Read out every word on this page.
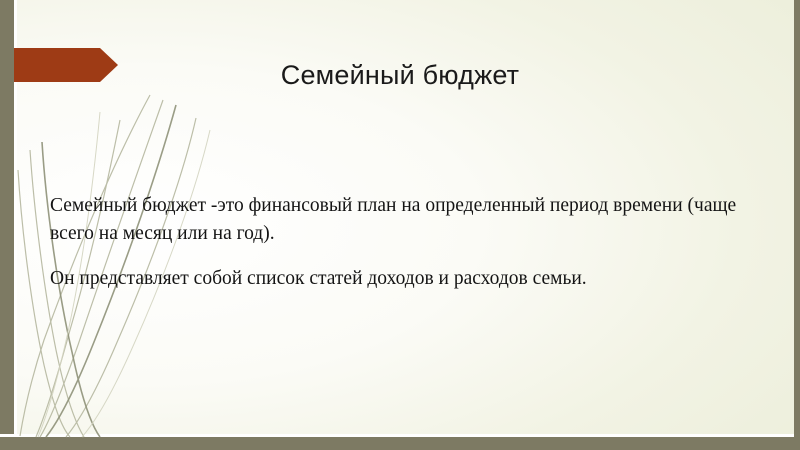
Семейный бюджет

Семейный бюджет -это финансовый план на определенный период времени (чаще всего на месяц или на год).

Он представляет собой список статей доходов и расходов семьи.
